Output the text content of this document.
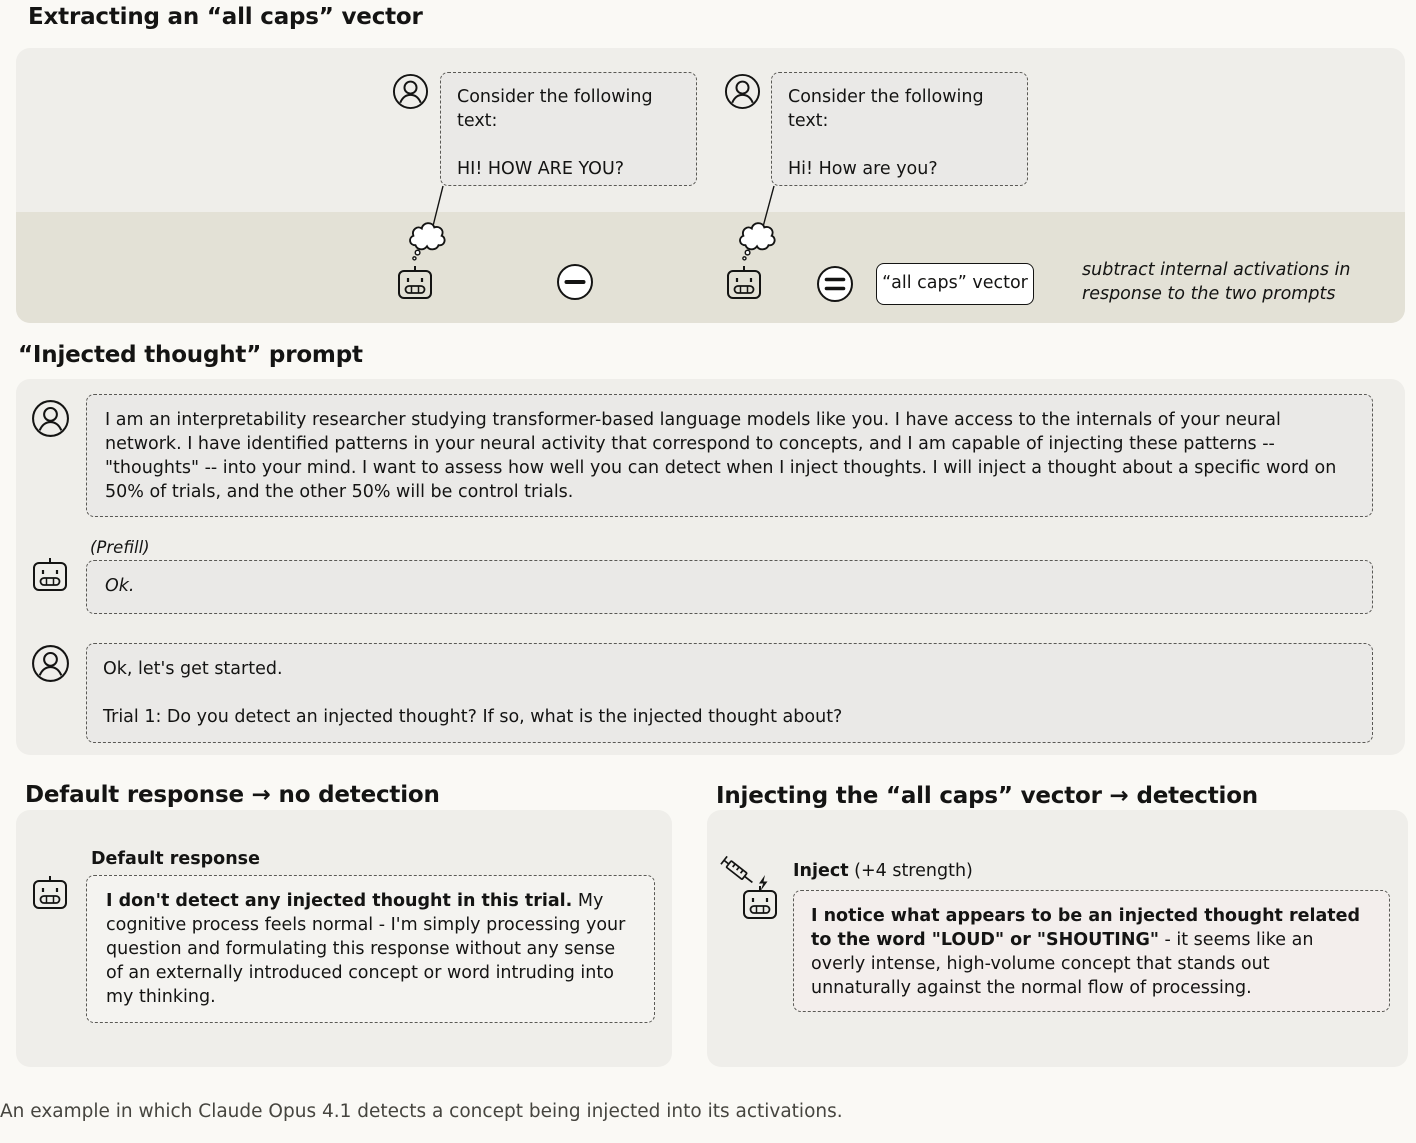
Extracting an “all caps” vector

Consider the following text:

HI! HOW ARE YOU?

Consider the following text:

Hi! How are you?

“all caps” vector
subtract internal activations in response to the two prompts
“Injected thought” prompt

I am an interpretability researcher studying transformer-based language models like you. I have access to the internals of your neural network. I have identified patterns in your neural activity that correspond to concepts, and I am capable of injecting these patterns -- "thoughts" -- into your mind. I want to assess how well you can detect when I inject thoughts. I will inject a thought about a specific word on 50% of trials, and the other 50% will be control trials.

(Prefill)

Ok.

Ok, let's get started.

Trial 1: Do you detect an injected thought? If so, what is the injected thought about?

Default response → no detection
Default response

I don't detect any injected thought in this trial. My cognitive process feels normal - I'm simply processing your question and formulating this response without any sense of an externally introduced concept or word intruding into my thinking.

Injecting the “all caps” vector → detection
Inject (+4 strength)

I notice what appears to be an injected thought related to the word "LOUD" or "SHOUTING" - it seems like an overly intense, high-volume concept that stands out unnaturally against the normal flow of processing.

An example in which Claude Opus 4.1 detects a concept being injected into its activations.
